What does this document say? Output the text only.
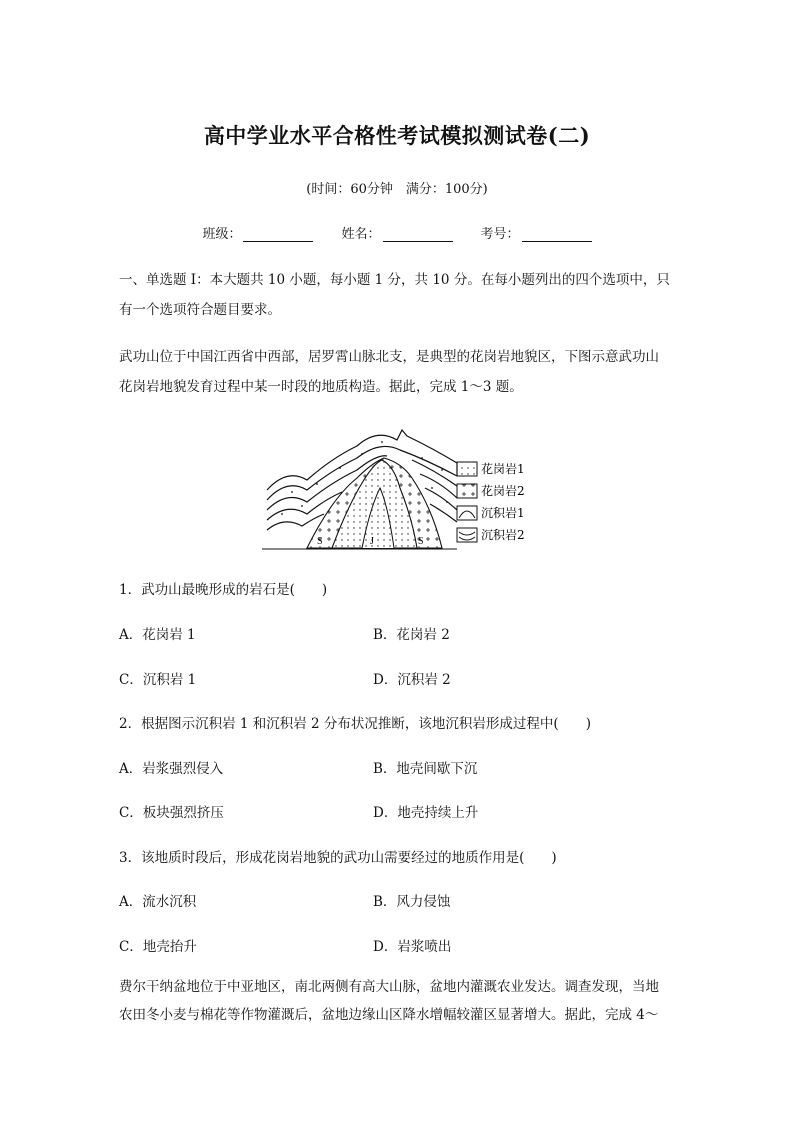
高中学业水平合格性考试模拟测试卷(二)
(时间：60分钟　满分：100分)
班级：	姓名：	考号：
一、单选题 I：本大题共 10 小题，每小题 1 分，共 10 分。在每小题列出的四个选项中，只
有一个选项符合题目要求。
武功山位于中国江西省中西部，居罗霄山脉北支，是典型的花岗岩地貌区，下图示意武功山
花岗岩地貌发育过程中某一时段的地质构造。据此，完成 1～3 题。
S	J	S
花岗岩1
花岗岩2
沉积岩1
沉积岩2
1．武功山最晚形成的岩石是(　　)
A．花岗岩 1	B．花岗岩 2
C．沉积岩 1	D．沉积岩 2
2．根据图示沉积岩 1 和沉积岩 2 分布状况推断，该地沉积岩形成过程中(　　)
A．岩浆强烈侵入	B．地壳间歇下沉
C．板块强烈挤压	D．地壳持续上升
3．该地质时段后，形成花岗岩地貌的武功山需要经过的地质作用是(　　)
A．流水沉积	B．风力侵蚀
C．地壳抬升	D．岩浆喷出
费尔干纳盆地位于中亚地区，南北两侧有高大山脉，盆地内灌溉农业发达。调查发现，当地
农田冬小麦与棉花等作物灌溉后，盆地边缘山区降水增幅较灌区显著增大。据此，完成 4～
